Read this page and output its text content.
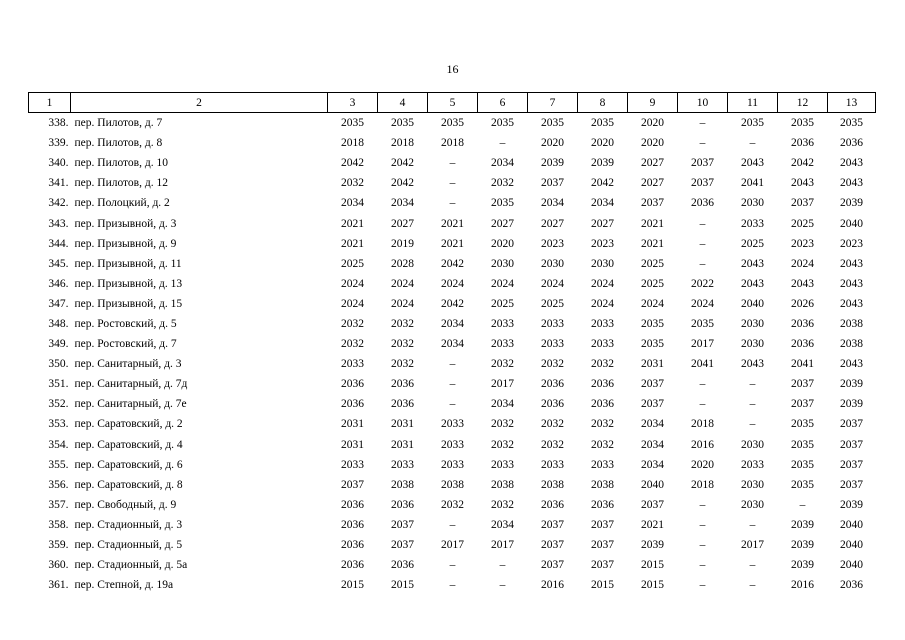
16
1	2	3	4	5	6	7	8	9	10	11	12	13
338.	пер. Пилотов, д. 7	2035	2035	2035	2035	2035	2035	2020	–	2035	2035	2035
339.	пер. Пилотов, д. 8	2018	2018	2018	–	2020	2020	2020	–	–	2036	2036
340.	пер. Пилотов, д. 10	2042	2042	–	2034	2039	2039	2027	2037	2043	2042	2043
341.	пер. Пилотов, д. 12	2032	2042	–	2032	2037	2042	2027	2037	2041	2043	2043
342.	пер. Полоцкий, д. 2	2034	2034	–	2035	2034	2034	2037	2036	2030	2037	2039
343.	пер. Призывной, д. 3	2021	2027	2021	2027	2027	2027	2021	–	2033	2025	2040
344.	пер. Призывной, д. 9	2021	2019	2021	2020	2023	2023	2021	–	2025	2023	2023
345.	пер. Призывной, д. 11	2025	2028	2042	2030	2030	2030	2025	–	2043	2024	2043
346.	пер. Призывной, д. 13	2024	2024	2024	2024	2024	2024	2025	2022	2043	2043	2043
347.	пер. Призывной, д. 15	2024	2024	2042	2025	2025	2024	2024	2024	2040	2026	2043
348.	пер. Ростовский, д. 5	2032	2032	2034	2033	2033	2033	2035	2035	2030	2036	2038
349.	пер. Ростовский, д. 7	2032	2032	2034	2033	2033	2033	2035	2017	2030	2036	2038
350.	пер. Санитарный, д. 3	2033	2032	–	2032	2032	2032	2031	2041	2043	2041	2043
351.	пер. Санитарный, д. 7д	2036	2036	–	2017	2036	2036	2037	–	–	2037	2039
352.	пер. Санитарный, д. 7е	2036	2036	–	2034	2036	2036	2037	–	–	2037	2039
353.	пер. Саратовский, д. 2	2031	2031	2033	2032	2032	2032	2034	2018	–	2035	2037
354.	пер. Саратовский, д. 4	2031	2031	2033	2032	2032	2032	2034	2016	2030	2035	2037
355.	пер. Саратовский, д. 6	2033	2033	2033	2033	2033	2033	2034	2020	2033	2035	2037
356.	пер. Саратовский, д. 8	2037	2038	2038	2038	2038	2038	2040	2018	2030	2035	2037
357.	пер. Свободный, д. 9	2036	2036	2032	2032	2036	2036	2037	–	2030	–	2039
358.	пер. Стадионный, д. 3	2036	2037	–	2034	2037	2037	2021	–	–	2039	2040
359.	пер. Стадионный, д. 5	2036	2037	2017	2017	2037	2037	2039	–	2017	2039	2040
360.	пер. Стадионный, д. 5а	2036	2036	–	–	2037	2037	2015	–	–	2039	2040
361.	пер. Степной, д. 19а	2015	2015	–	–	2016	2015	2015	–	–	2016	2036
